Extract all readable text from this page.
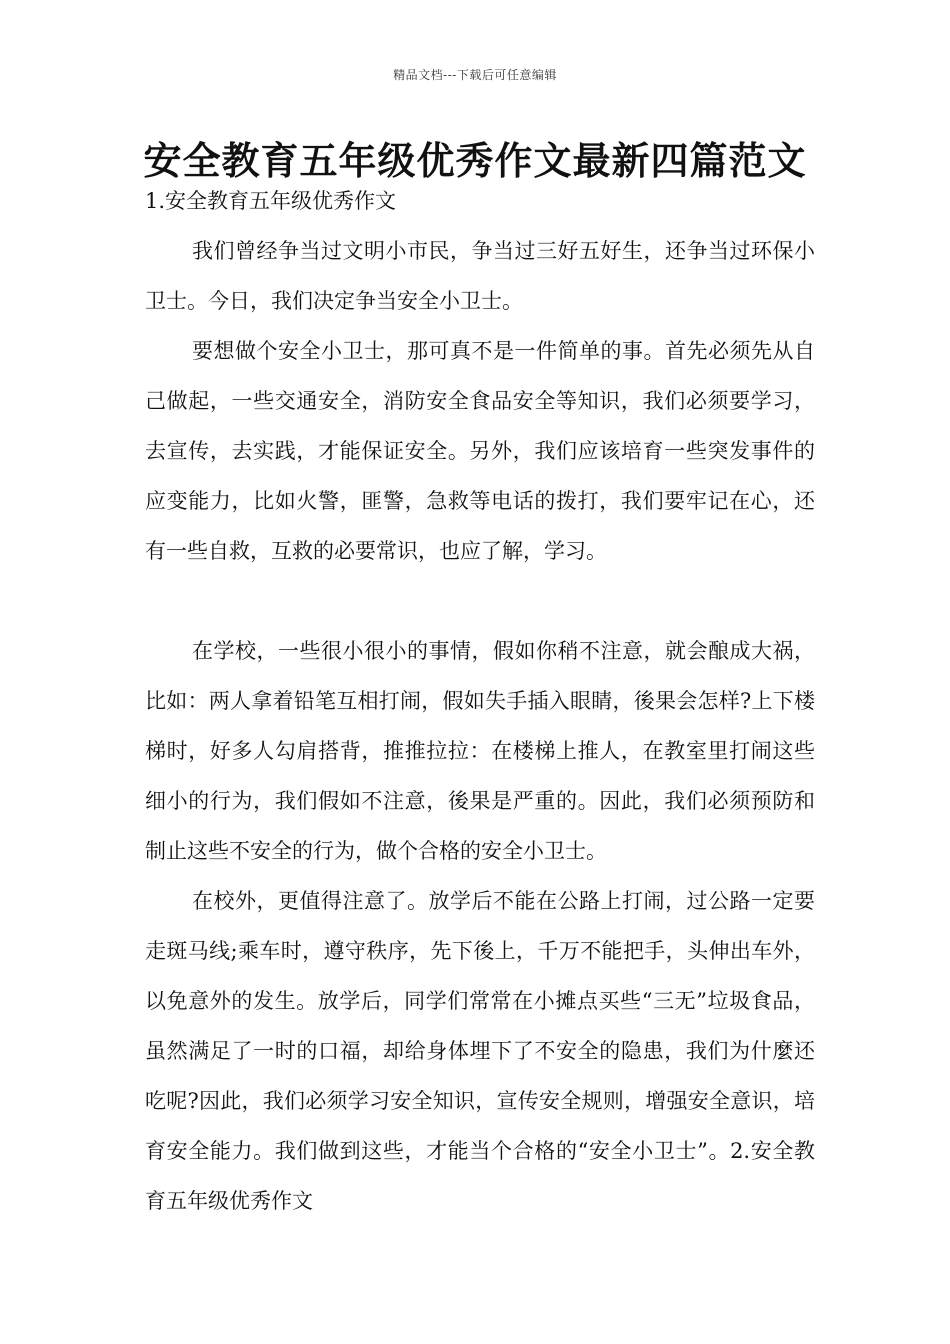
精品文档---下载后可任意编辑
安全教育五年级优秀作文最新四篇范文
1.安全教育五年级优秀作文

我们曾经争当过文明小市民，争当过三好五好生，还争当过环保小卫士。今日，我们决定争当安全小卫士。

要想做个安全小卫士，那可真不是一件简单的事。首先必须先从自己做起，一些交通安全，消防安全食品安全等知识，我们必须要学习，去宣传，去实践，才能保证安全。另外，我们应该培育一些突发事件的应变能力，比如火警，匪警，急救等电话的拨打，我们要牢记在心，还有一些自救，互救的必要常识，也应了解，学习。

在学校，一些很小很小的事情，假如你稍不注意，就会酿成大祸，比如：两人拿着铅笔互相打闹，假如失手插入眼睛，後果会怎样?上下楼梯时，好多人勾肩搭背，推推拉拉：在楼梯上推人，在教室里打闹这些细小的行为，我们假如不注意，後果是严重的。因此，我们必须预防和制止这些不安全的行为，做个合格的安全小卫士。

在校外，更值得注意了。放学后不能在公路上打闹，过公路一定要走斑马线;乘车时，遵守秩序，先下後上，千万不能把手，头伸出车外，以免意外的发生。放学后，同学们常常在小摊点买些“三无”垃圾食品，虽然满足了一时的口福，却给身体埋下了不安全的隐患，我们为什麼还吃呢?因此，我们必须学习安全知识，宣传安全规则，增强安全意识，培育安全能力。我们做到这些，才能当个合格的“安全小卫士”。2.安全教育五年级优秀作文
